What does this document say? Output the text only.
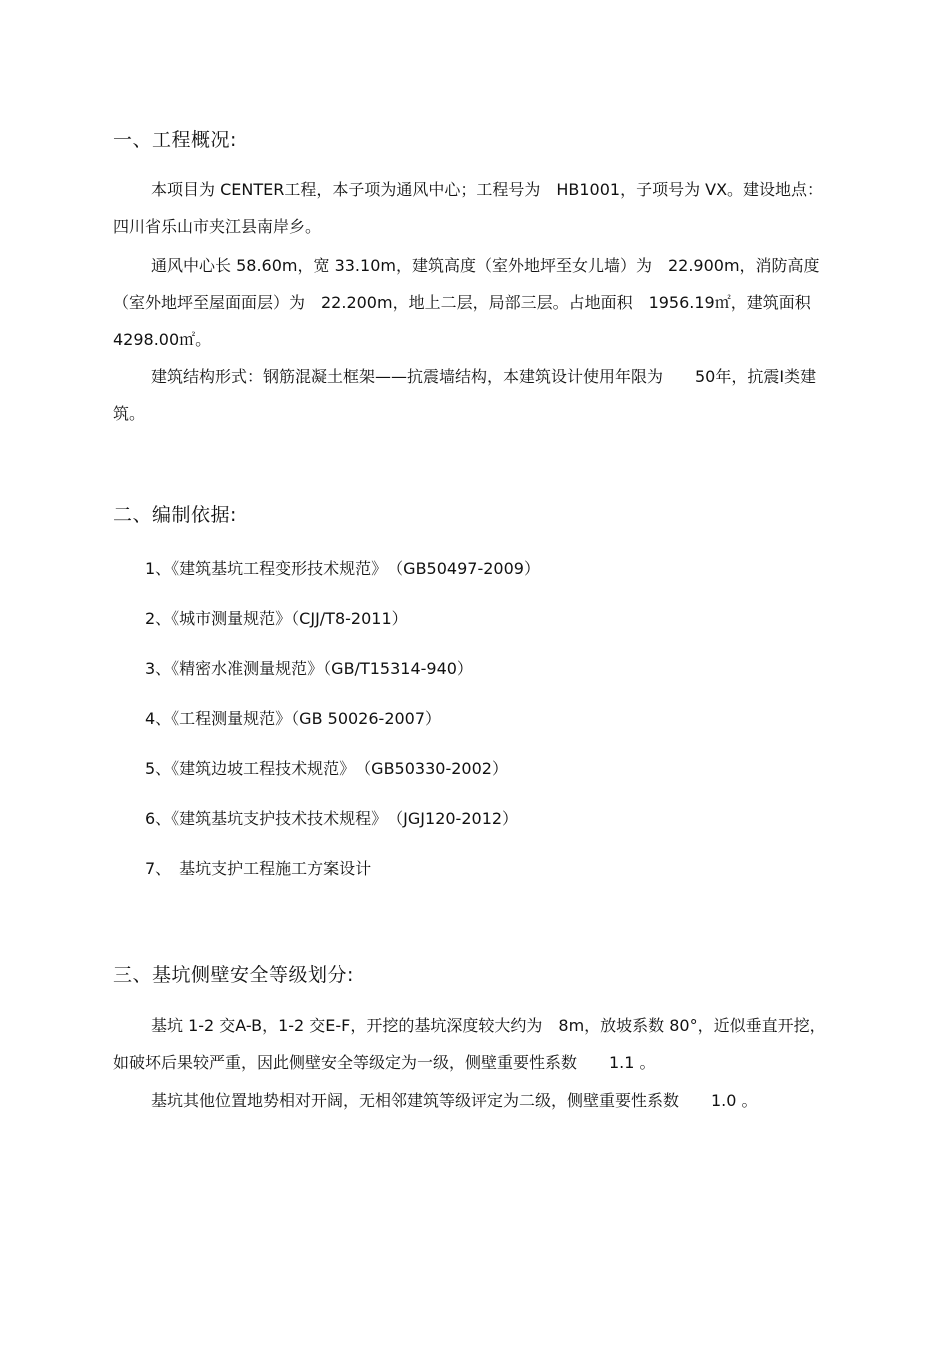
一、工程概况:

本项目为 CENTER工程，本子项为通风中心；工程号为　HB1001，子项号为 VX。建设地点：四川省乐山市夹江县南岸乡。

通风中心长 58.60m，宽 33.10m，建筑高度（室外地坪至女儿墙）为　22.900m，消防高度（室外地坪至屋面面层）为　22.200m，地上二层，局部三层。占地面积　1956.19㎡，建筑面积 4298.00㎡。

建筑结构形式：钢筋混凝土框架——抗震墙结构，本建筑设计使用年限为　　50年，抗震Ⅰ类建筑。

二、编制依据:
1、《建筑基坑工程变形技术规范》　（GB50497-2009）
2、《城市测量规范》（CJJ/T8-2011）
3、《精密水准测量规范》（GB/T15314-940）
4、《工程测量规范》（GB 50026-2007）
5、《建筑边坡工程技术规范》　（GB50330-2002）
6、《建筑基坑支护技术技术规程》　（JGJ120-2012）
7、　基坑支护工程施工方案设计
三、基坑侧壁安全等级划分:

基坑 1-2 交A-B，1-2 交E-F，开挖的基坑深度较大约为　8m，放坡系数 80°，近似垂直开挖，如破坏后果较严重，因此侧壁安全等级定为一级，侧壁重要性系数　　1.1 。

基坑其他位置地势相对开阔，无相邻建筑等级评定为二级，侧壁重要性系数　　1.0 。
